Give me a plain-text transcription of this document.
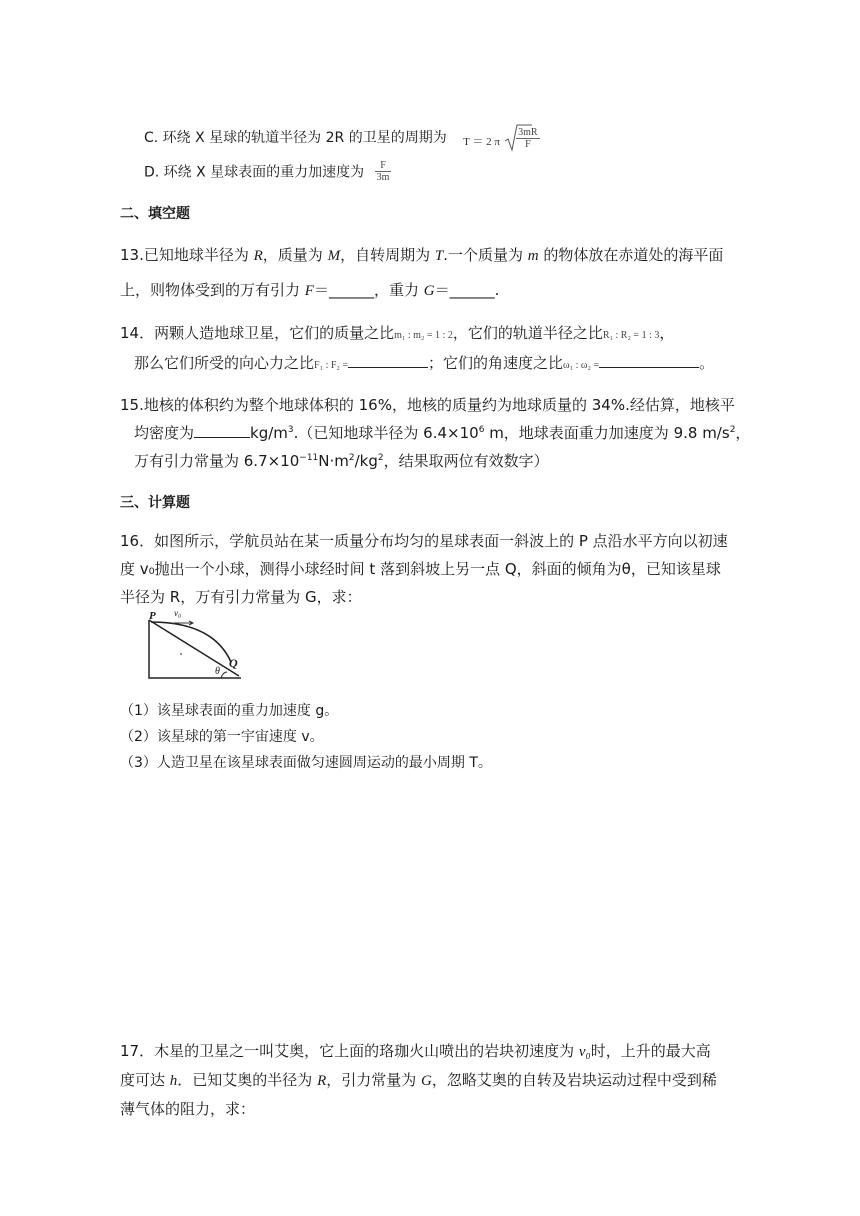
C. 环绕 X 星球的轨道半径为 2R 的卫星的周期为 T ＝ 2 π $\frac{3mR}{F}$
D. 环绕 X 星球表面的重力加速度为 $\frac{F}{3m}$
二、填空题
13.已知地球半径为 R，质量为 M，自转周期为 T.一个质量为 m 的物体放在赤道处的海平面
上，则物体受到的万有引力 F＝______，重力 G＝______.
14．两颗人造地球卫星，它们的质量之比m₁ : m₂ = 1 : 2，它们的轨道半径之比R₁ : R₂ = 1 : 3，
那么它们所受的向心力之比F₁ : F₂ =	；它们的角速度之比ω₁ : ω₂ =	。
15.地核的体积约为整个地球体积的 16%，地核的质量约为地球质量的 34%.经估算，地核平
均密度为	$kg/m^3$.（已知地球半径为 $6.4\times 10^6$ m，地球表面重力加速度为 9.8 $m/s^2$，
万有引力常量为 $6.7\times 10^{-11}N\cdot m^2/kg^2$，结果取两位有效数字）
三、计算题
16．如图所示，学航员站在某一质量分布均匀的星球表面一斜波上的 P 点沿水平方向以初速
度 v₀抛出一个小球，测得小球经时间 t 落到斜坡上另一点 Q，斜面的倾角为θ，已知该星球
半径为 R，万有引力常量为 G，求：
P v₀
Q
θ
（1）该星球表面的重力加速度 g。
（2）该星球的第一宇宙速度 v。
（3）人造卫星在该星球表面做匀速圆周运动的最小周期 T。
17．木星的卫星之一叫艾奥，它上面的珞珈火山喷出的岩块初速度为 v₀时，上升的最大高
度可达 h．已知艾奥的半径为 R，引力常量为 G，忽略艾奥的自转及岩块运动过程中受到稀
薄气体的阻力，求：
